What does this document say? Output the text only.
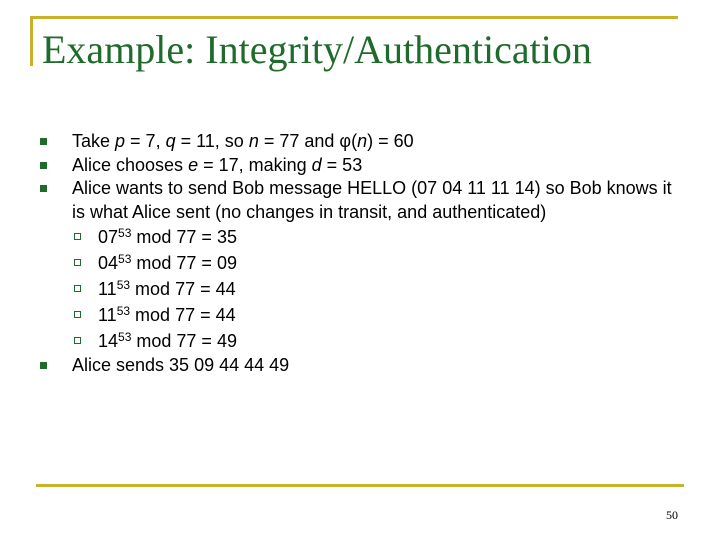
Example: Integrity/Authentication
Take p = 7, q = 11, so n = 77 and φ(n) = 60
Alice chooses e = 17, making d = 53
Alice wants to send Bob message HELLO (07 04 11 11 14) so Bob knows it is what Alice sent (no changes in transit, and authenticated)
$07^{53}$ mod 77 = 35
$04^{53}$ mod 77 = 09
$11^{53}$ mod 77 = 44
$11^{53}$ mod 77 = 44
$14^{53}$ mod 77 = 49
Alice sends 35 09 44 44 49
50
